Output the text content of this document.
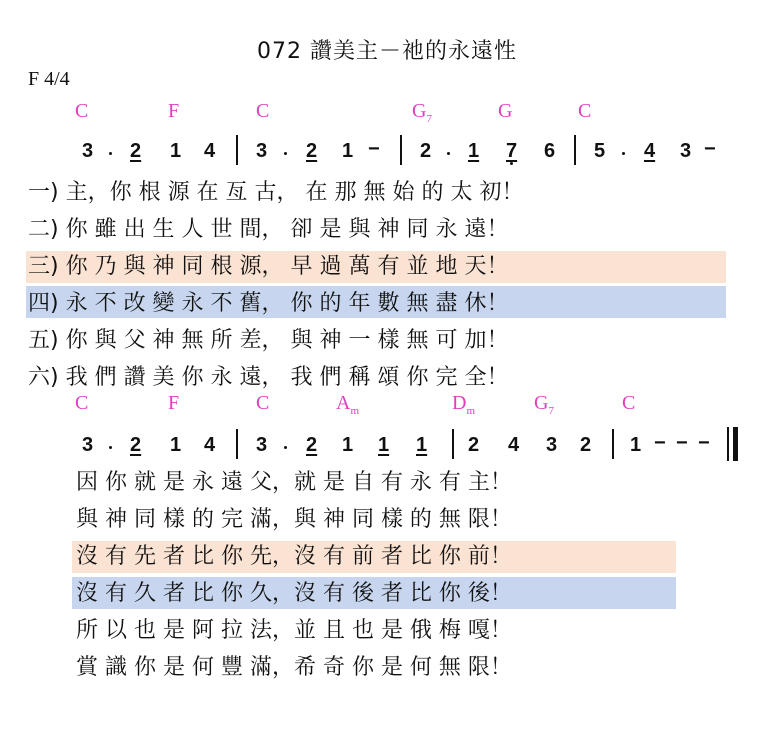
072 讚美主－祂的永遠性
F 4/4
C	F	C	$G_7$	G	C
3 2 1 4 3 2 1 − 2 1 7 6 5 4 3 −
一) 主，你 根 源 在 亙 古， 在 那 無 始 的 太 初！
二) 你 雖 出 生 人 世 間， 卻 是 與 神 同 永 遠！
三) 你 乃 與 神 同 根 源， 早 過 萬 有 並 地 天！
四) 永 不 改 變 永 不 舊， 你 的 年 數 無 盡 休！
五) 你 與 父 神 無 所 差， 與 神 一 樣 無 可 加！
六) 我 們 讚 美 你 永 遠， 我 們 稱 頌 你 完 全！
C	F	C	$A_m$	$D_m$	$G_7$	C
3 2 1 4 3 2 1 1 1 2 4 3 2 1 − − −
因 你 就 是 永 遠 父，就 是 自 有 永 有 主！
與 神 同 樣 的 完 滿，與 神 同 樣 的 無 限！
沒 有 先 者 比 你 先，沒 有 前 者 比 你 前！
沒 有 久 者 比 你 久，沒 有 後 者 比 你 後！
所 以 也 是 阿 拉 法，並 且 也 是 俄 梅 嘎！
賞 識 你 是 何 豐 滿，希 奇 你 是 何 無 限！
